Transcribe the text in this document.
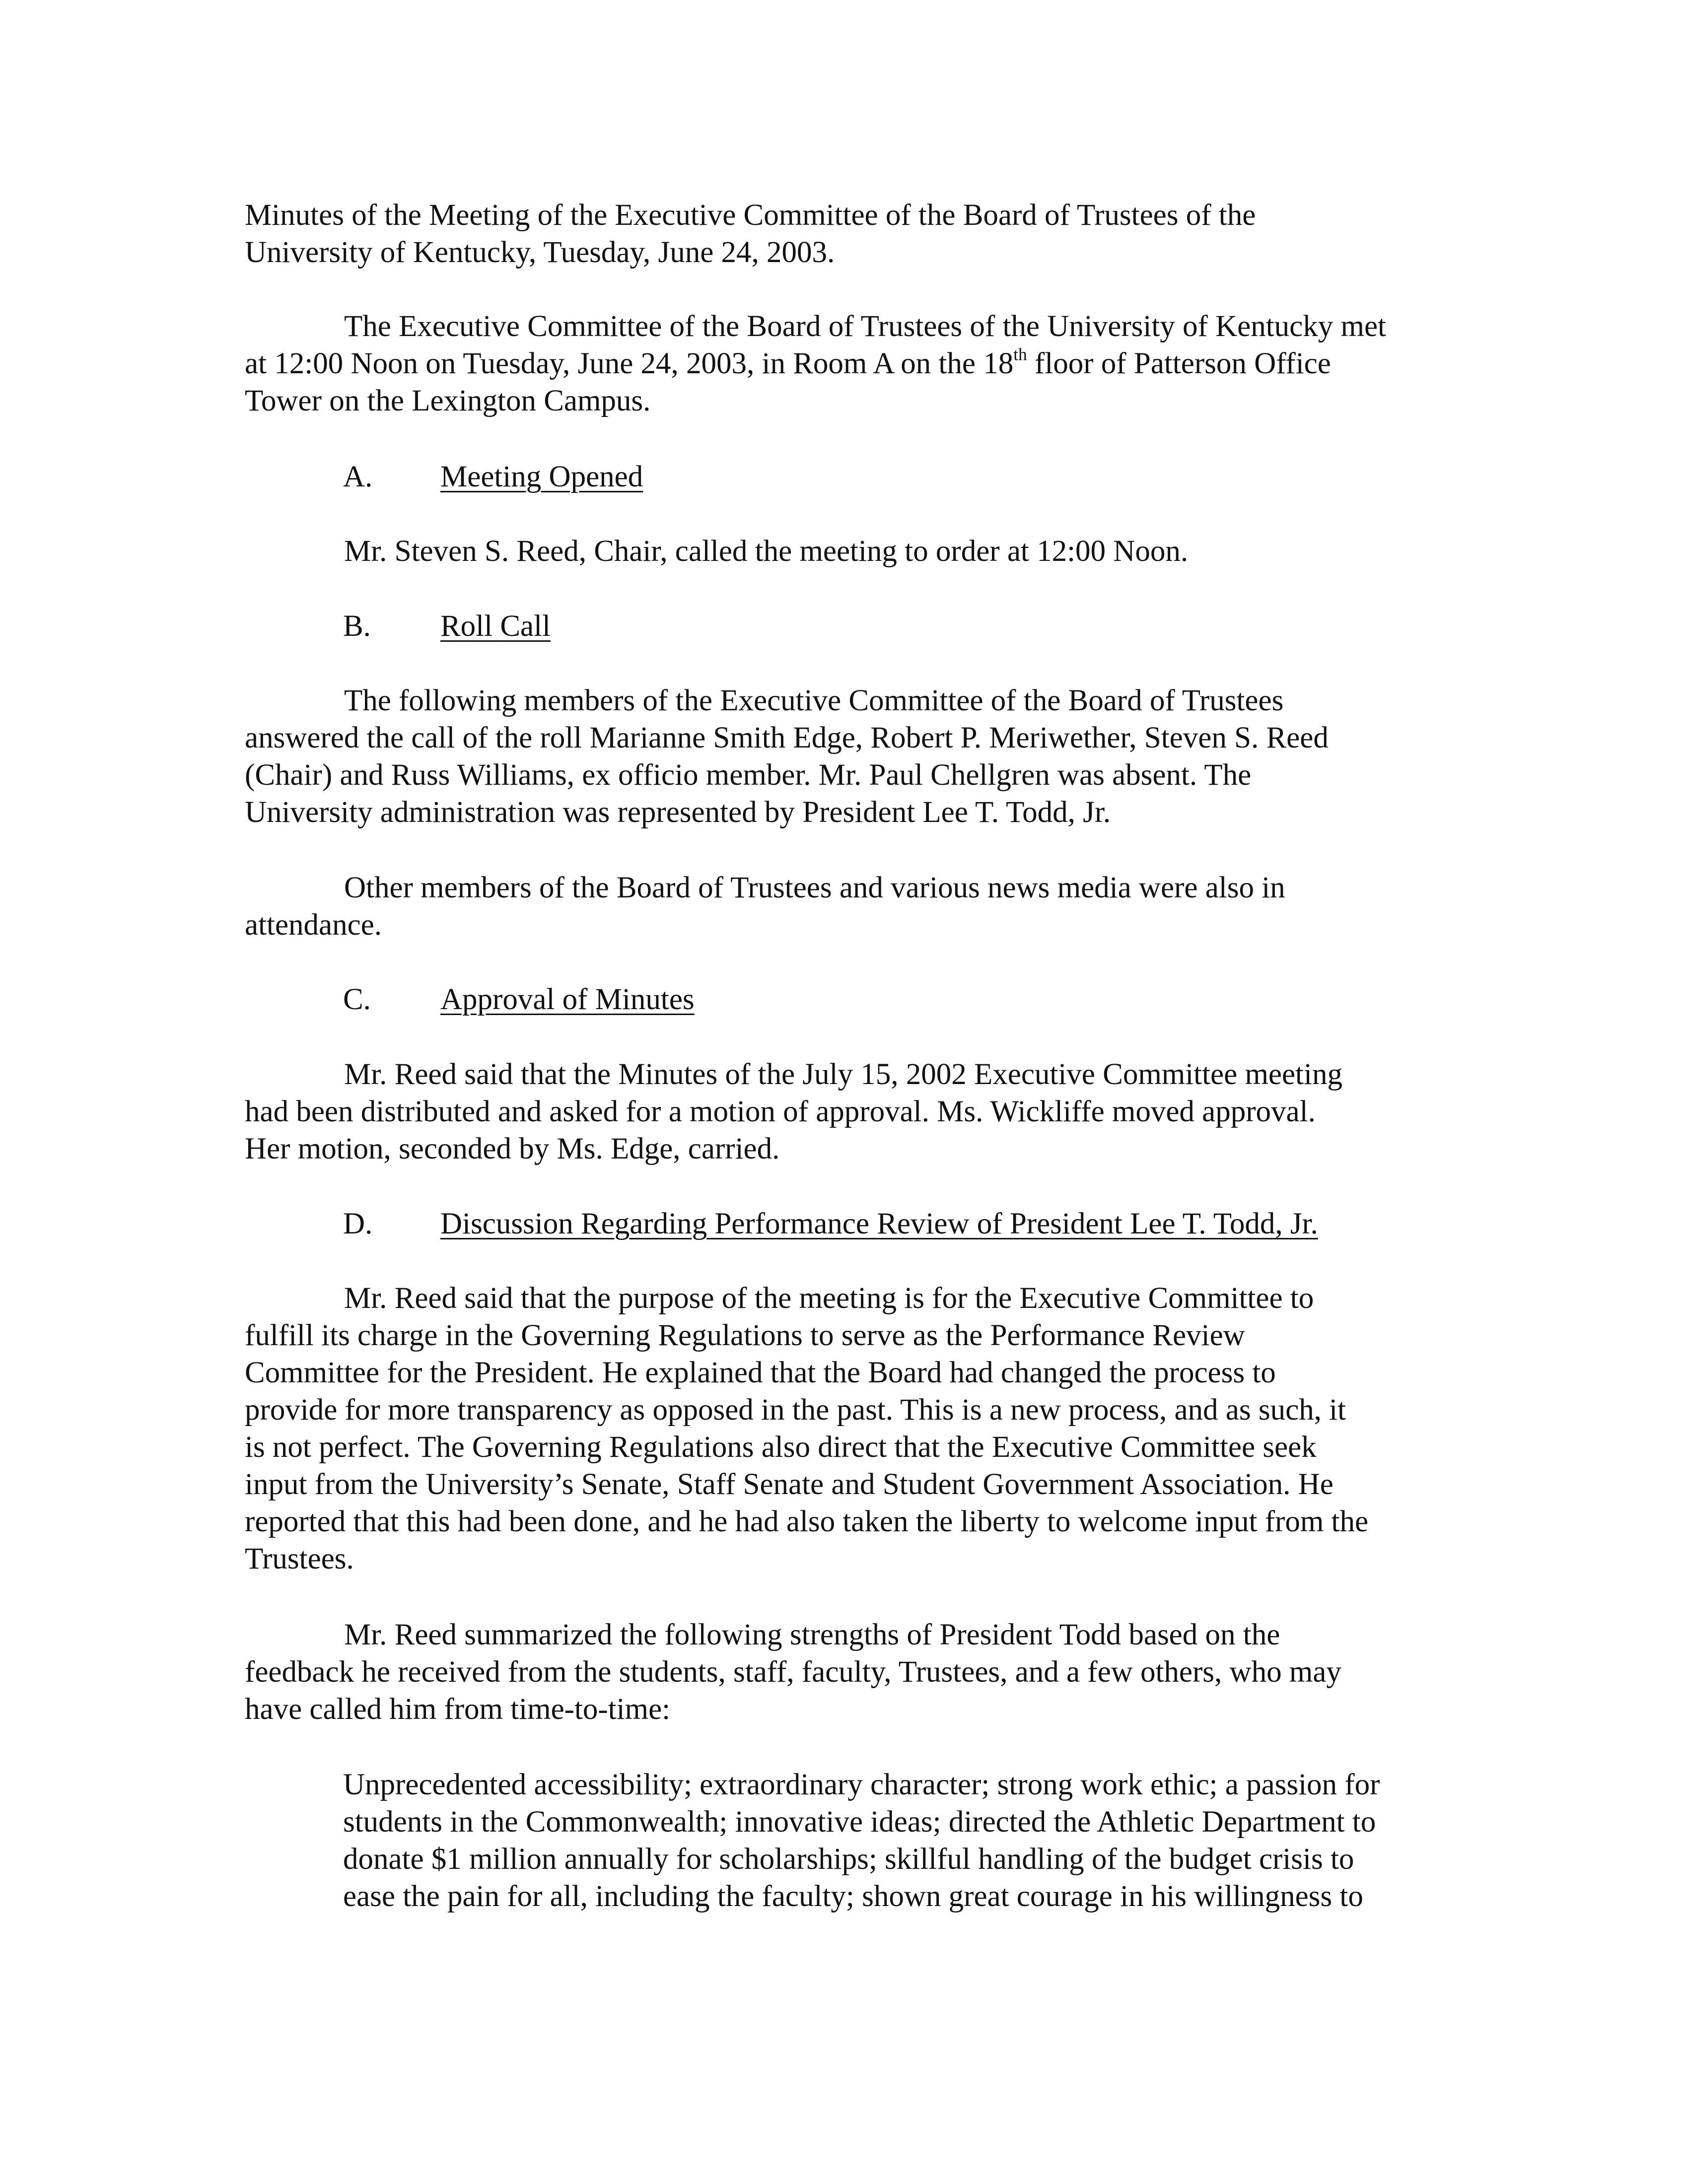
Minutes of the Meeting of the Executive Committee of the Board of Trustees of the
University of Kentucky, Tuesday, June 24, 2003.

The Executive Committee of the Board of Trustees of the University of Kentucky met
at 12:00 Noon on Tuesday, June 24, 2003, in Room A on the 18th floor of Patterson Office
Tower on the Lexington Campus.

A. Meeting Opened

Mr. Steven S. Reed, Chair, called the meeting to order at 12:00 Noon.

B. Roll Call

The following members of the Executive Committee of the Board of Trustees
answered the call of the roll Marianne Smith Edge, Robert P. Meriwether, Steven S. Reed
(Chair) and Russ Williams, ex officio member. Mr. Paul Chellgren was absent. The
University administration was represented by President Lee T. Todd, Jr.

Other members of the Board of Trustees and various news media were also in
attendance.

C. Approval of Minutes

Mr. Reed said that the Minutes of the July 15, 2002 Executive Committee meeting
had been distributed and asked for a motion of approval. Ms. Wickliffe moved approval.
Her motion, seconded by Ms. Edge, carried.

D. Discussion Regarding Performance Review of President Lee T. Todd, Jr.

Mr. Reed said that the purpose of the meeting is for the Executive Committee to
fulfill its charge in the Governing Regulations to serve as the Performance Review
Committee for the President. He explained that the Board had changed the process to
provide for more transparency as opposed in the past. This is a new process, and as such, it
is not perfect. The Governing Regulations also direct that the Executive Committee seek
input from the University’s Senate, Staff Senate and Student Government Association. He
reported that this had been done, and he had also taken the liberty to welcome input from the
Trustees.

Mr. Reed summarized the following strengths of President Todd based on the
feedback he received from the students, staff, faculty, Trustees, and a few others, who may
have called him from time-to-time:

Unprecedented accessibility; extraordinary character; strong work ethic; a passion for
students in the Commonwealth; innovative ideas; directed the Athletic Department to
donate $1 million annually for scholarships; skillful handling of the budget crisis to
ease the pain for all, including the faculty; shown great courage in his willingness to
